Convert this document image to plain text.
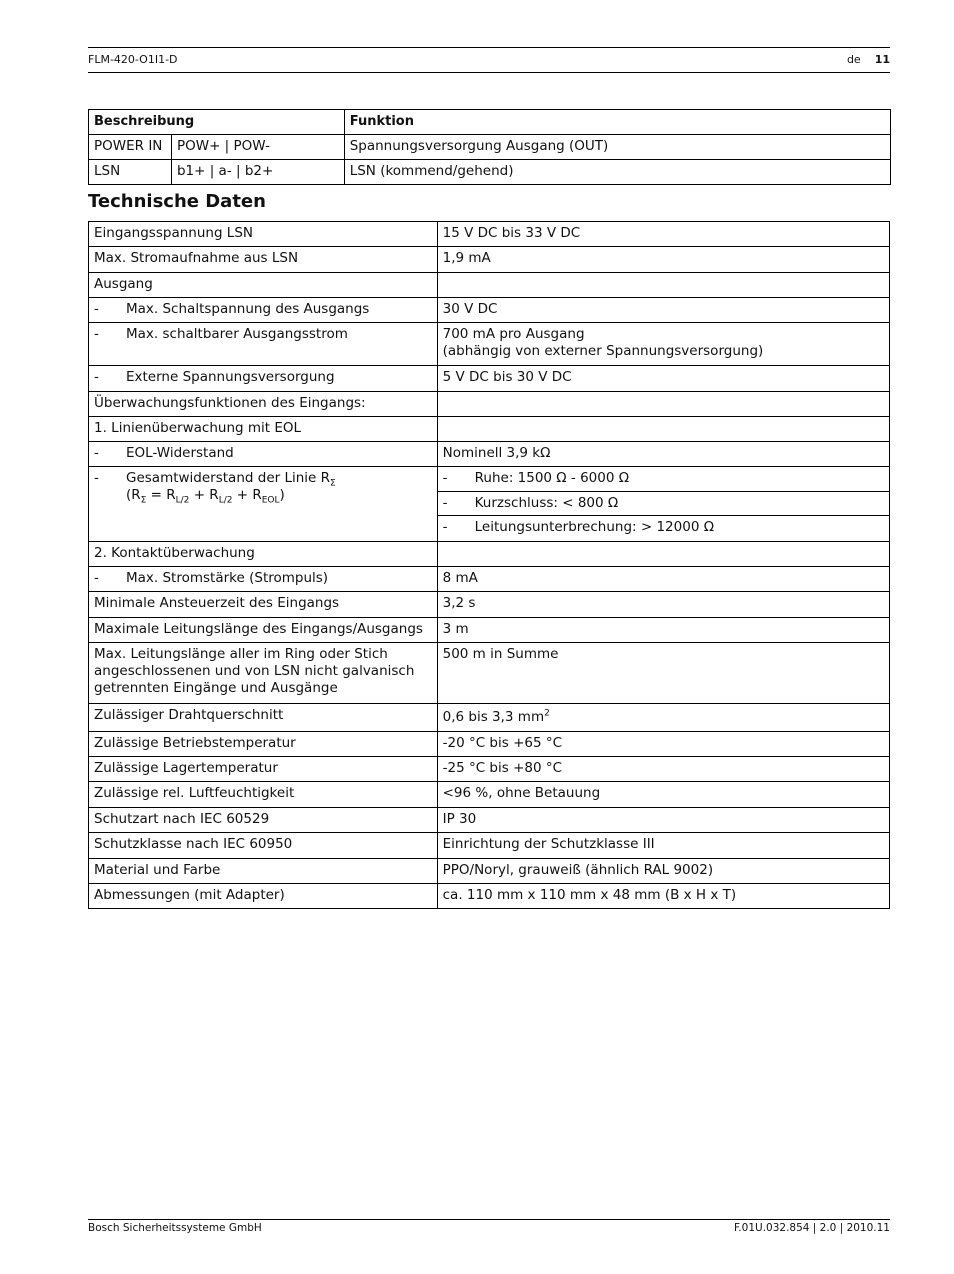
FLM-420-O1I1-D	de 11
Beschreibung		Funktion
POWER IN	POW+ | POW-	Spannungsversorgung Ausgang (OUT)
LSN	b1+ | a- | b2+	LSN (kommend/gehend)
Technische Daten
Eingangsspannung LSN	15 V DC bis 33 V DC
Max. Stromaufnahme aus LSN	1,9 mA
Ausgang	
- Max. Schaltspannung des Ausgangs	30 V DC
- Max. schaltbarer Ausgangsstrom	700 mA pro Ausgang
(abhängig von externer Spannungsversorgung)
- Externe Spannungsversorgung	5 V DC bis 30 V DC
Überwachungsfunktionen des Eingangs:	
1. Linienüberwachung mit EOL	
- EOL-Widerstand	Nominell 3,9 kΩ
- Gesamtwiderstand der Linie $R_\Sigma$
$(R_\Sigma = R_{L/2} + R_{L/2} + R_{EOL})$	- Ruhe: 1500 Ω - 6000 Ω
	- Kurzschluss: < 800 Ω
	- Leitungsunterbrechung: > 12000 Ω
2. Kontaktüberwachung	
- Max. Stromstärke (Strompuls)	8 mA
Minimale Ansteuerzeit des Eingangs	3,2 s
Maximale Leitungslänge des Eingangs/Ausgangs	3 m
Max. Leitungslänge aller im Ring oder Stich angeschlossenen und von LSN nicht galvanisch getrennten Eingänge und Ausgänge	500 m in Summe
Zulässiger Drahtquerschnitt	0,6 bis 3,3 $mm^2$
Zulässige Betriebstemperatur	-20 °C bis +65 °C
Zulässige Lagertemperatur	-25 °C bis +80 °C
Zulässige rel. Luftfeuchtigkeit	<96 %, ohne Betauung
Schutzart nach IEC 60529	IP 30
Schutzklasse nach IEC 60950	Einrichtung der Schutzklasse III
Material und Farbe	PPO/Noryl, grauweiß (ähnlich RAL 9002)
Abmessungen (mit Adapter)	ca. 110 mm x 110 mm x 48 mm (B x H x T)
Bosch Sicherheitssysteme GmbH	F.01U.032.854 | 2.0 | 2010.11
